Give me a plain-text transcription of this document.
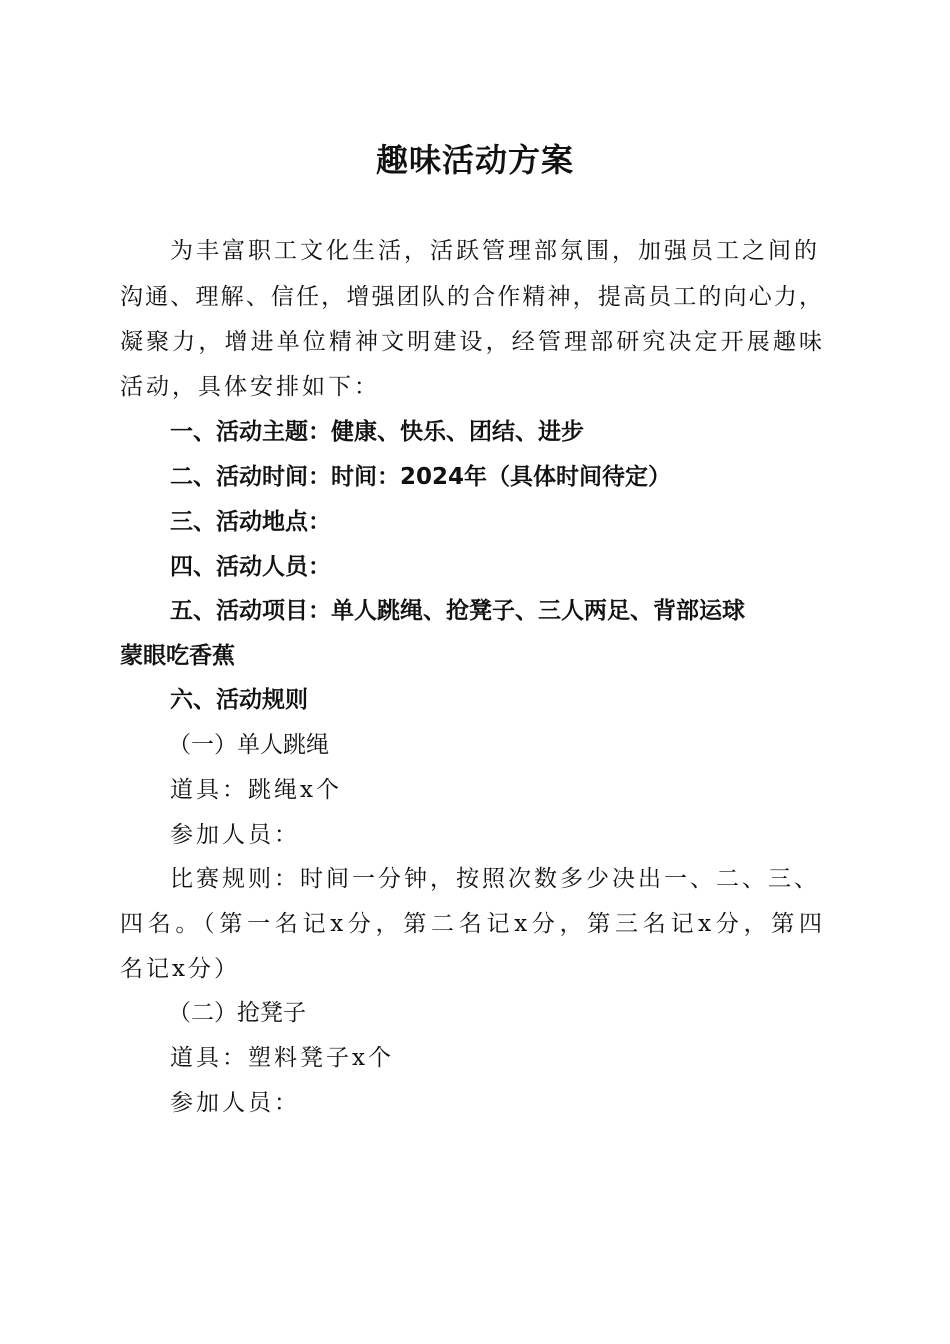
趣味活动方案
为丰富职工文化生活，活跃管理部氛围，加强员工之间的
沟通、理解、信任，增强团队的合作精神，提高员工的向心力，
凝聚力，增进单位精神文明建设，经管理部研究决定开展趣味
活动，具体安排如下：
一、活动主题：健康、快乐、团结、进步
二、活动时间：时间：2024年（具体时间待定）
三、活动地点：
四、活动人员：
五、活动项目：单人跳绳、抢凳子、三人两足、背部运球
蒙眼吃香蕉
六、活动规则
（一）单人跳绳
道具：跳绳x个
参加人员：
比赛规则：时间一分钟，按照次数多少决出一、二、三、
四名。（第一名记x分，第二名记x分，第三名记x分，第四
名记x分）
（二）抢凳子
道具：塑料凳子x个
参加人员：
